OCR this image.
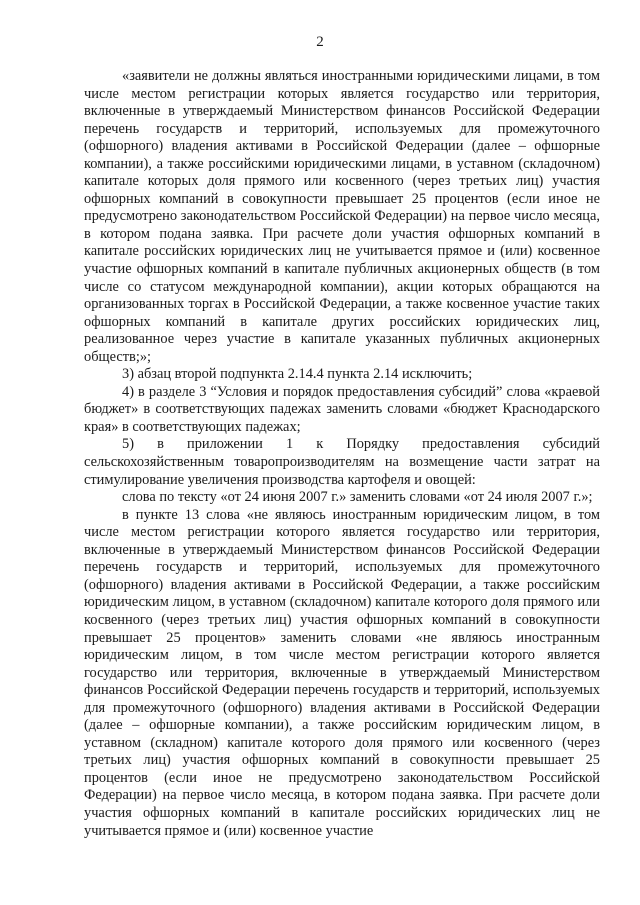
2

«заявители не должны являться иностранными юридическими лицами, в том числе местом регистрации которых является государство или территория, включенные в утверждаемый Министерством финансов Российской Федерации перечень государств и территорий, используемых для промежуточного (офшорного) владения активами в Российской Федерации (далее – офшорные компании), а также российскими юридическими лицами, в уставном (складочном) капитале которых доля прямого или косвенного (через третьих лиц) участия офшорных компаний в совокупности превышает 25 процентов (если иное не предусмотрено законодательством Российской Федерации) на первое число месяца, в котором подана заявка. При расчете доли участия офшорных компаний в капитале российских юридических лиц не учитывается прямое и (или) косвенное участие офшорных компаний в капитале публичных акционерных обществ (в том числе со статусом международной компании), акции которых обращаются на организованных торгах в Российской Федерации, а также косвенное участие таких офшорных компаний в капитале других российских юридических лиц, реализованное через участие в капитале указанных публичных акционерных обществ;»;

3) абзац второй подпункта 2.14.4 пункта 2.14 исключить;

4) в разделе 3 “Условия и порядок предоставления субсидий” слова «краевой бюджет» в соответствующих падежах заменить словами «бюджет Краснодарского края» в соответствующих падежах;

5) в приложении 1 к Порядку предоставления субсидий сельскохозяйственным товаропроизводителям на возмещение части затрат на стимулирование увеличения производства картофеля и овощей:

слова по тексту «от 24 июня 2007 г.» заменить словами «от 24 июля 2007 г.»;

в пункте 13 слова «не являюсь иностранным юридическим лицом, в том числе местом регистрации которого является государство или территория, включенные в утверждаемый Министерством финансов Российской Федерации перечень государств и территорий, используемых для промежуточного (офшорного) владения активами в Российской Федерации, а также российским юридическим лицом, в уставном (складочном) капитале которого доля прямого или косвенного (через третьих лиц) участия офшорных компаний в совокупности превышает 25 процентов» заменить словами «не являюсь иностранным юридическим лицом, в том числе местом регистрации которого является государство или территория, включенные в утверждаемый Министерством финансов Российской Федерации перечень государств и территорий, используемых для промежуточного (офшорного) владения активами в Российской Федерации (далее – офшорные компании), а также российским юридическим лицом, в уставном (складном) капитале которого доля прямого или косвенного (через третьих лиц) участия офшорных компаний в совокупности превышает 25 процентов (если иное не предусмотрено законодательством Российской Федерации) на первое число месяца, в котором подана заявка. При расчете доли участия офшорных компаний в капитале российских юридических лиц не учитывается прямое и (или) косвенное участие
